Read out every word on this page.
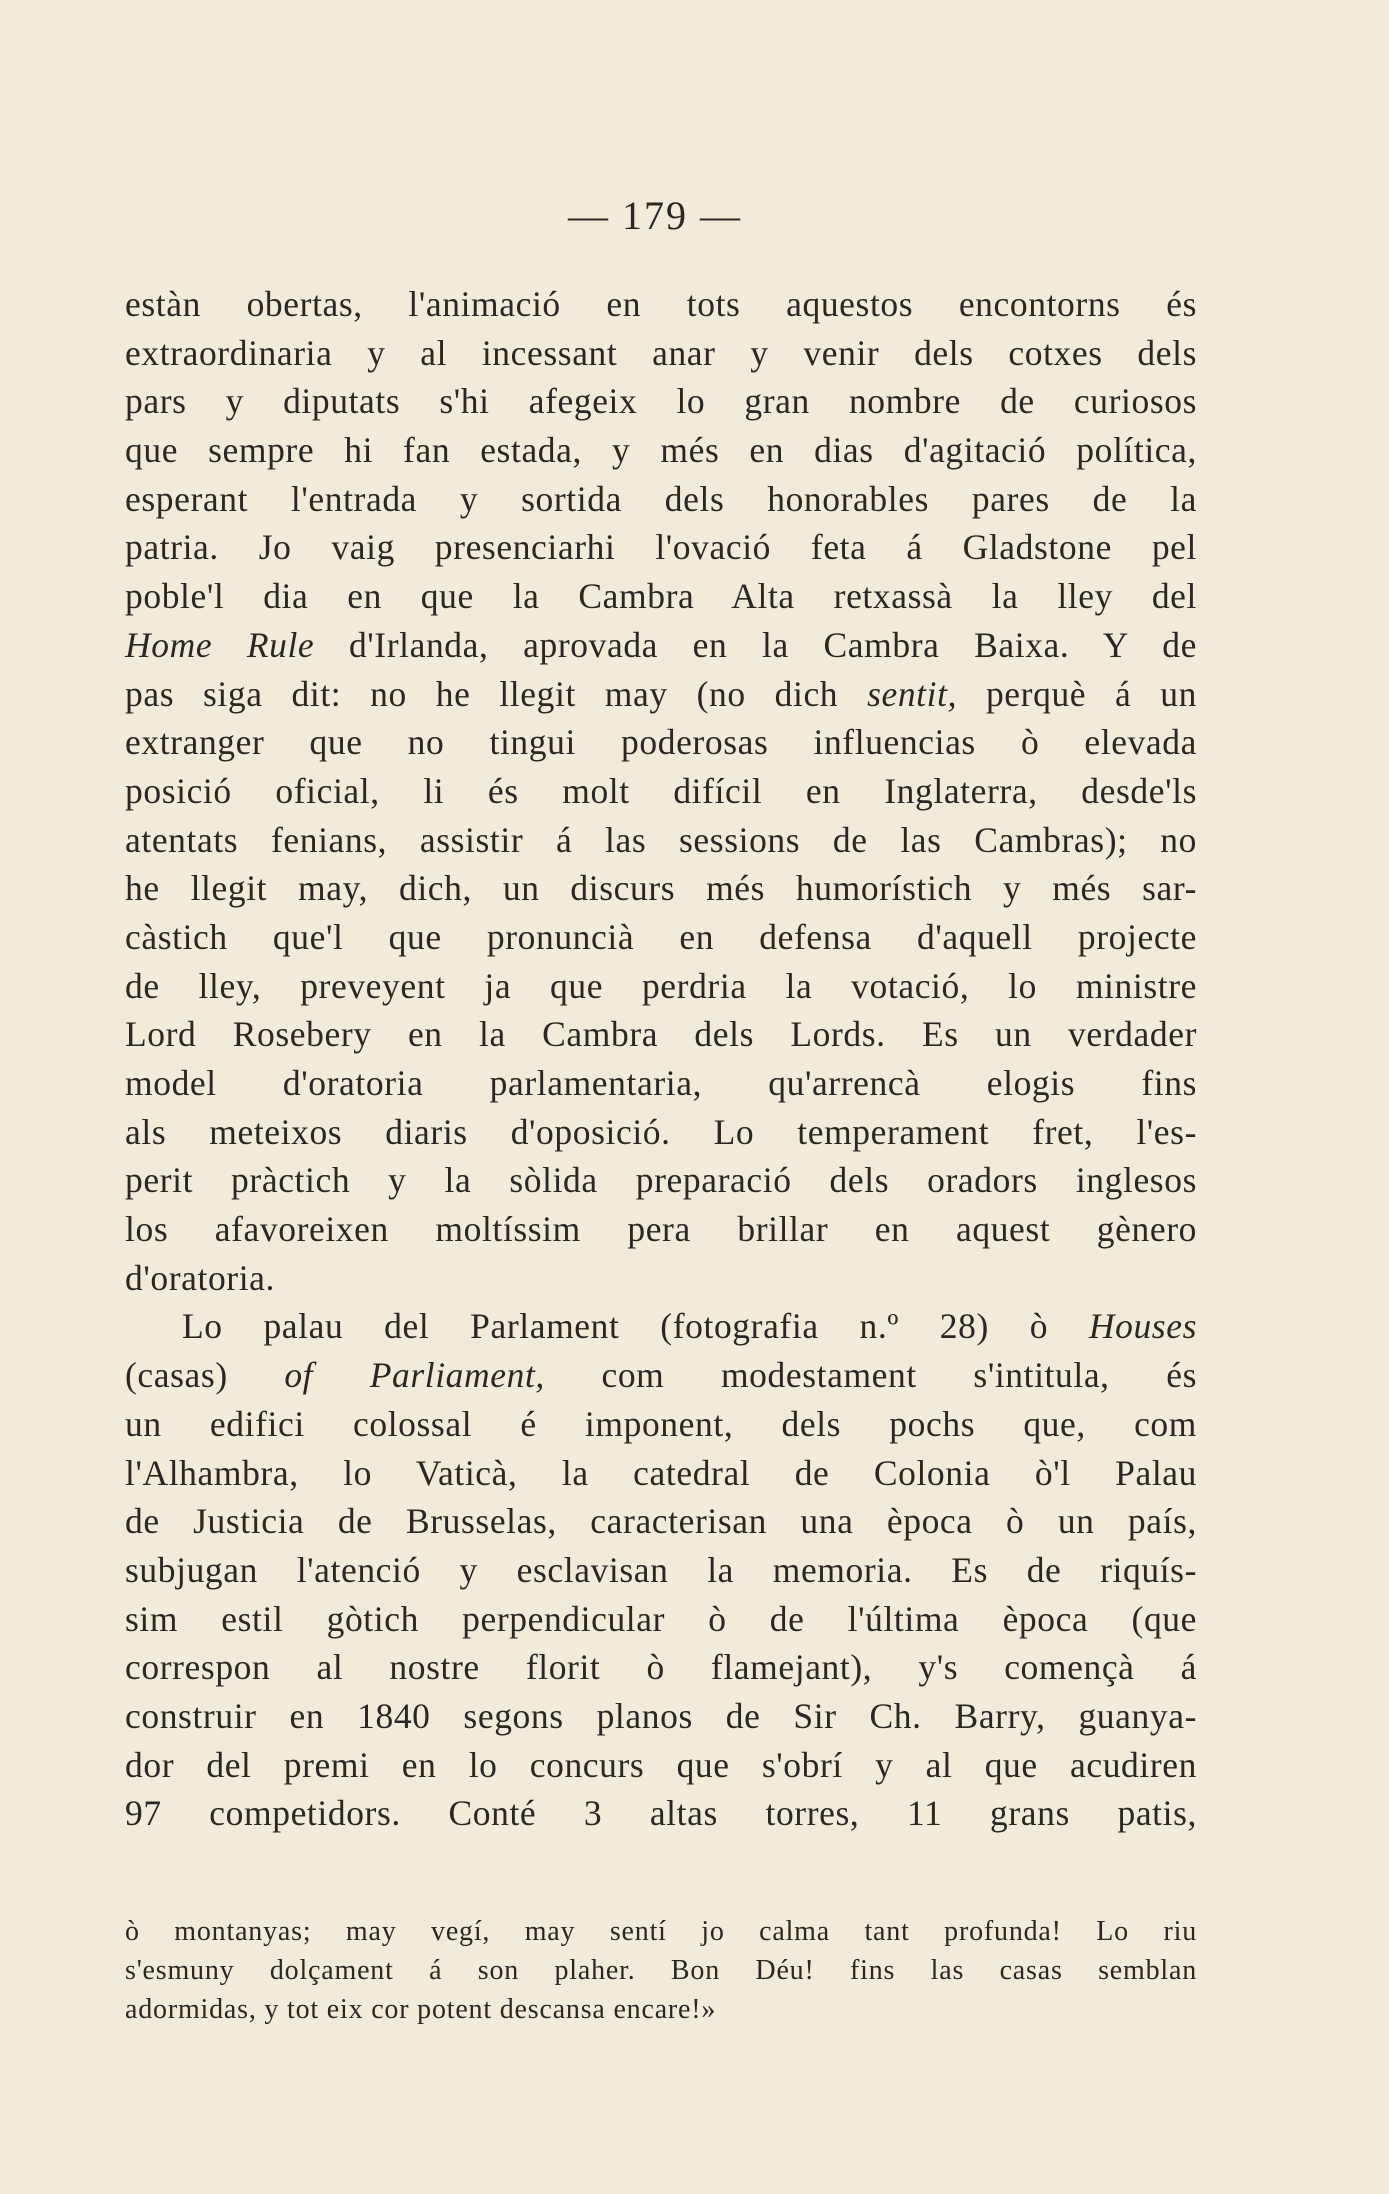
— 179 —
estàn obertas, l'animació en tots aquestos encontorns és
extraordinaria y al incessant anar y venir dels cotxes dels
pars y diputats s'hi afegeix lo gran nombre de curiosos
que sempre hi fan estada, y més en dias d'agitació política,
esperant l'entrada y sortida dels honorables pares de la
patria. Jo vaig presenciarhi l'ovació feta á Gladstone pel
poble'l dia en que la Cambra Alta retxassà la lley del
Home Rule d'Irlanda, aprovada en la Cambra Baixa. Y de
pas siga dit: no he llegit may (no dich sentit, perquè á un
extranger que no tingui poderosas influencias ò elevada
posició oficial, li és molt difícil en Inglaterra, desde'ls
atentats fenians, assistir á las sessions de las Cambras); no
he llegit may, dich, un discurs més humorístich y més sar-
càstich que'l que pronuncià en defensa d'aquell projecte
de lley, preveyent ja que perdria la votació, lo ministre
Lord Rosebery en la Cambra dels Lords. Es un verdader
model d'oratoria parlamentaria, qu'arrencà elogis fins
als meteixos diaris d'oposició. Lo temperament fret, l'es-
perit pràctich y la sòlida preparació dels oradors inglesos
los afavoreixen moltíssim pera brillar en aquest gènero
d'oratoria.
Lo palau del Parlament (fotografia n.º 28) ò Houses
(casas) of Parliament, com modestament s'intitula, és
un edifici colossal é imponent, dels pochs que, com
l'Alhambra, lo Vaticà, la catedral de Colonia ò'l Palau
de Justicia de Brusselas, caracterisan una època ò un país,
subjugan l'atenció y esclavisan la memoria. Es de riquís-
sim estil gòtich perpendicular ò de l'última època (que
correspon al nostre florit ò flamejant), y's començà á
construir en 1840 segons planos de Sir Ch. Barry, guanya-
dor del premi en lo concurs que s'obrí y al que acudiren
97 competidors. Conté 3 altas torres, 11 grans patis,
ò montanyas; may vegí, may sentí jo calma tant profunda! Lo riu
s'esmuny dolçament á son plaher. Bon Déu! fins las casas semblan
adormidas, y tot eix cor potent descansa encare!»
